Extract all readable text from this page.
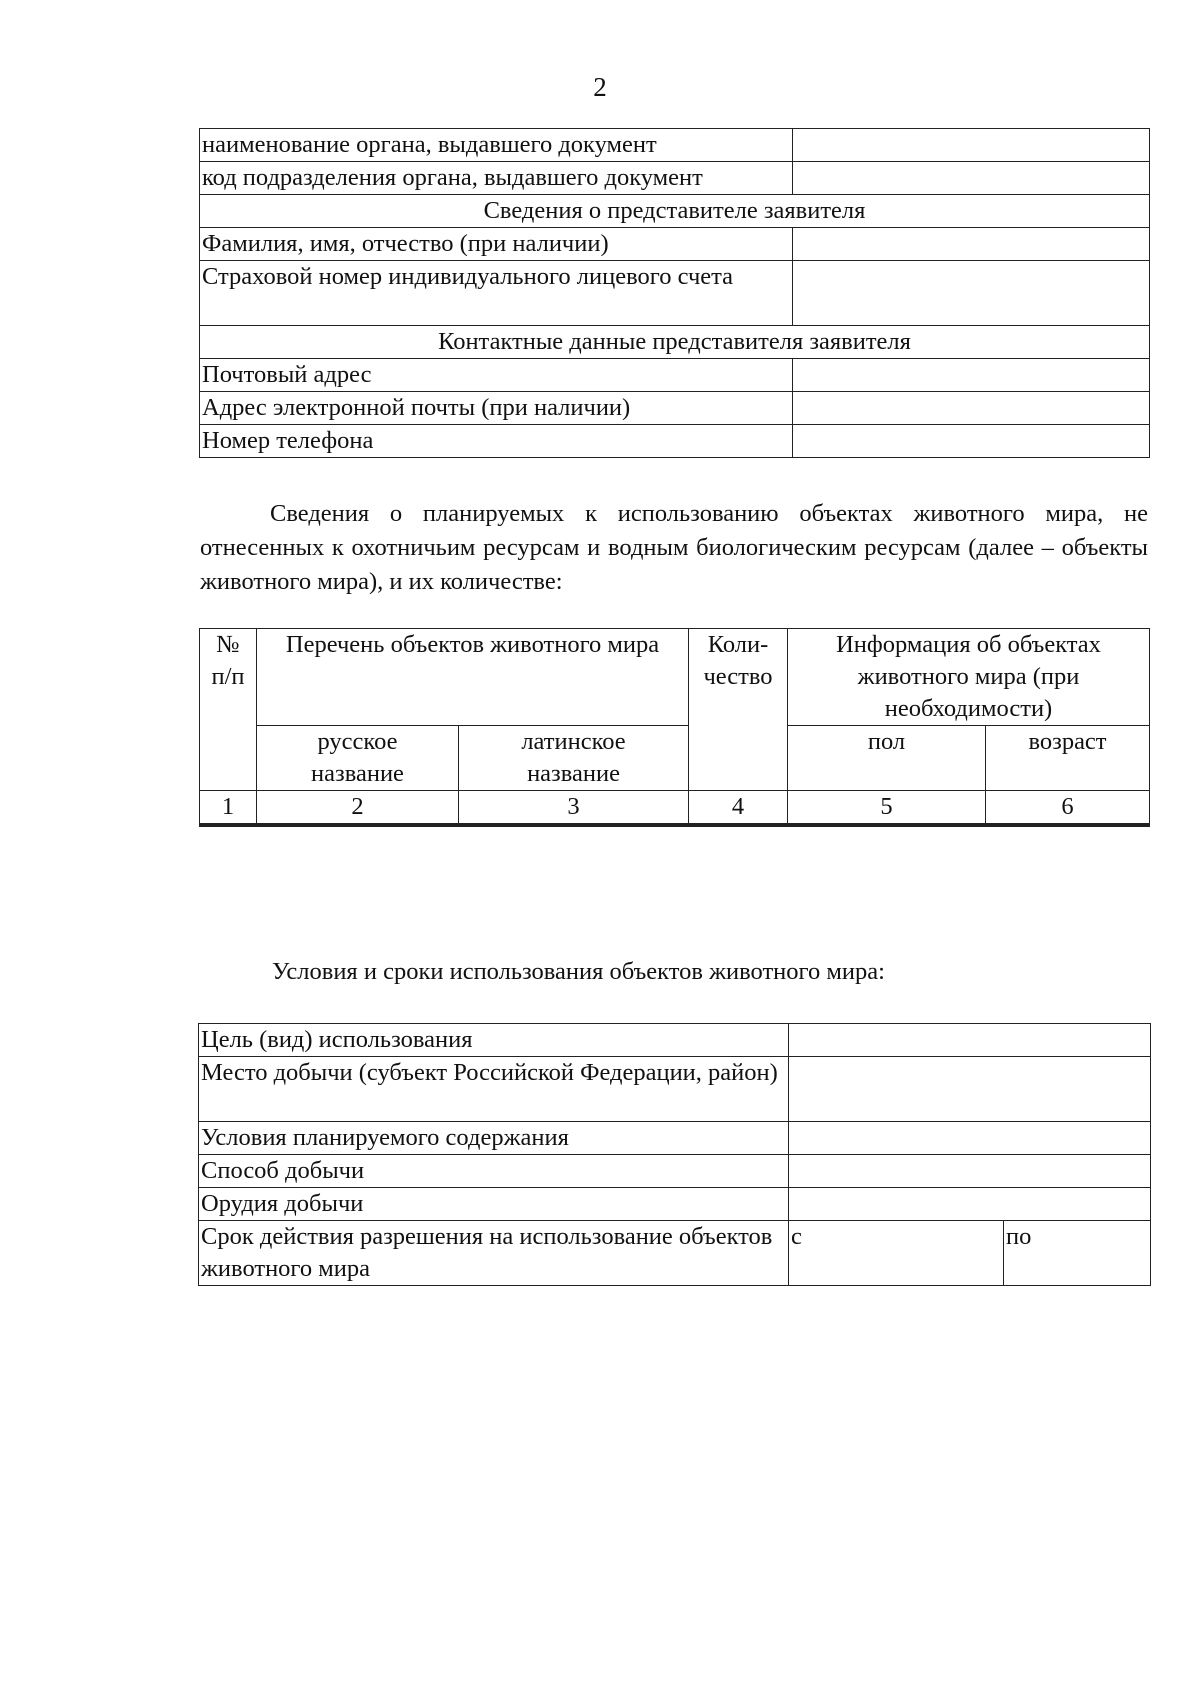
2
наименование органа, выдавшего документ	
код подразделения органа, выдавшего документ	
Сведения о представителе заявителя	
Фамилия, имя, отчество (при наличии)	
Страховой номер индивидуального лицевого счета	
Контактные данные представителя заявителя	
Почтовый адрес	
Адрес электронной почты (при наличии)	
Номер телефона	
Сведения о планируемых к использованию объектах животного мира, не отнесенных к охотничьим ресурсам и водным биологическим ресурсам (далее – объекты животного мира), и их количестве:
№ п/п	Перечень объектов животного мира		Коли-чество	Информация об объектах животного мира (при необходимости)	
	русское название	латинское название		пол	возраст
1	2	3	4	5	6

Условия и сроки использования объектов животного мира:
Цель (вид) использования		
Место добычи (субъект Российской Федерации, район)		
Условия планируемого содержания		
Способ добычи		
Орудия добычи		
Срок действия разрешения на использование объектов животного мира	с	по
